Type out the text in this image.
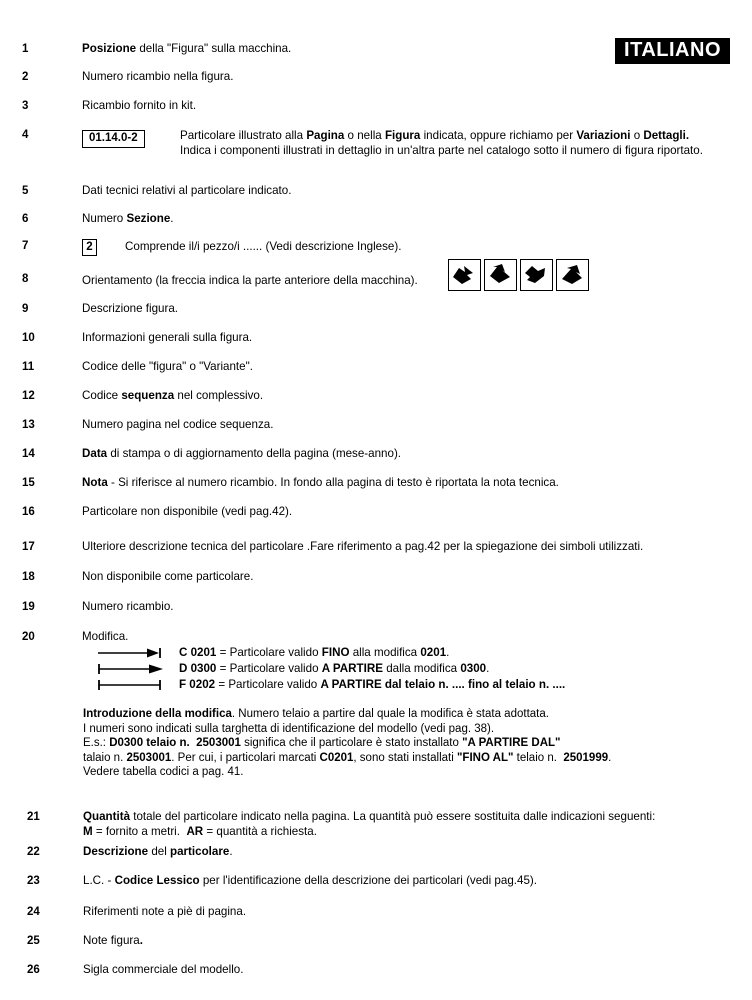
ITALIANO
1	Posizione della "Figura" sulla macchina.
2	Numero ricambio nella figura.
3	Ricambio fornito in kit.
4	01.14.0-2	Particolare illustrato alla Pagina o nella Figura indicata, oppure richiamo per Variazioni o Dettagli.
Indica i componenti illustrati in dettaglio in un'altra parte nel catalogo sotto il numero di figura riportato.
5	Dati tecnici relativi al particolare indicato.
6	Numero Sezione.
7	2	Comprende il/i pezzo/i ...... (Vedi descrizione Inglese).
8	Orientamento (la freccia indica la parte anteriore della macchina).
9	Descrizione figura.
10	Informazioni generali sulla figura.
11	Codice delle "figura" o "Variante".
12	Codice sequenza nel complessivo.
13	Numero pagina nel codice sequenza.
14	Data di stampa o di aggiornamento della pagina (mese-anno).
15	Nota - Si riferisce al numero ricambio. In fondo alla pagina di testo è riportata la nota tecnica.
16	Particolare non disponibile (vedi pag.42).
17	Ulteriore descrizione tecnica del particolare .Fare riferimento a pag.42 per la spiegazione dei simboli utilizzati.
18	Non disponibile come particolare.
19	Numero ricambio.
20	Modifica.
C 0201 = Particolare valido FINO alla modifica 0201.
D 0300 = Particolare valido A PARTIRE dalla modifica 0300.
F 0202 = Particolare valido A PARTIRE dal telaio n. .... fino al telaio n. ....
Introduzione della modifica. Numero telaio a partire dal quale la modifica è stata adottata.
I numeri sono indicati sulla targhetta di identificazione del modello (vedi pag. 38).
E.s.: D0300 telaio n.  2503001 significa che il particolare è stato installato "A PARTIRE DAL"
talaio n. 2503001. Per cui, i particolari marcati C0201, sono stati installati "FINO AL" telaio n.  2501999.
Vedere tabella codici a pag. 41.
21	Quantità totale del particolare indicato nella pagina. La quantità può essere sostituita dalle indicazioni seguenti:
M = fornito a metri.  AR = quantità a richiesta.
22	Descrizione del particolare.
23	L.C. - Codice Lessico per l'identificazione della descrizione dei particolari (vedi pag.45).
24	Riferimenti note a piè di pagina.
25	Note figura.
26	Sigla commerciale del modello.
